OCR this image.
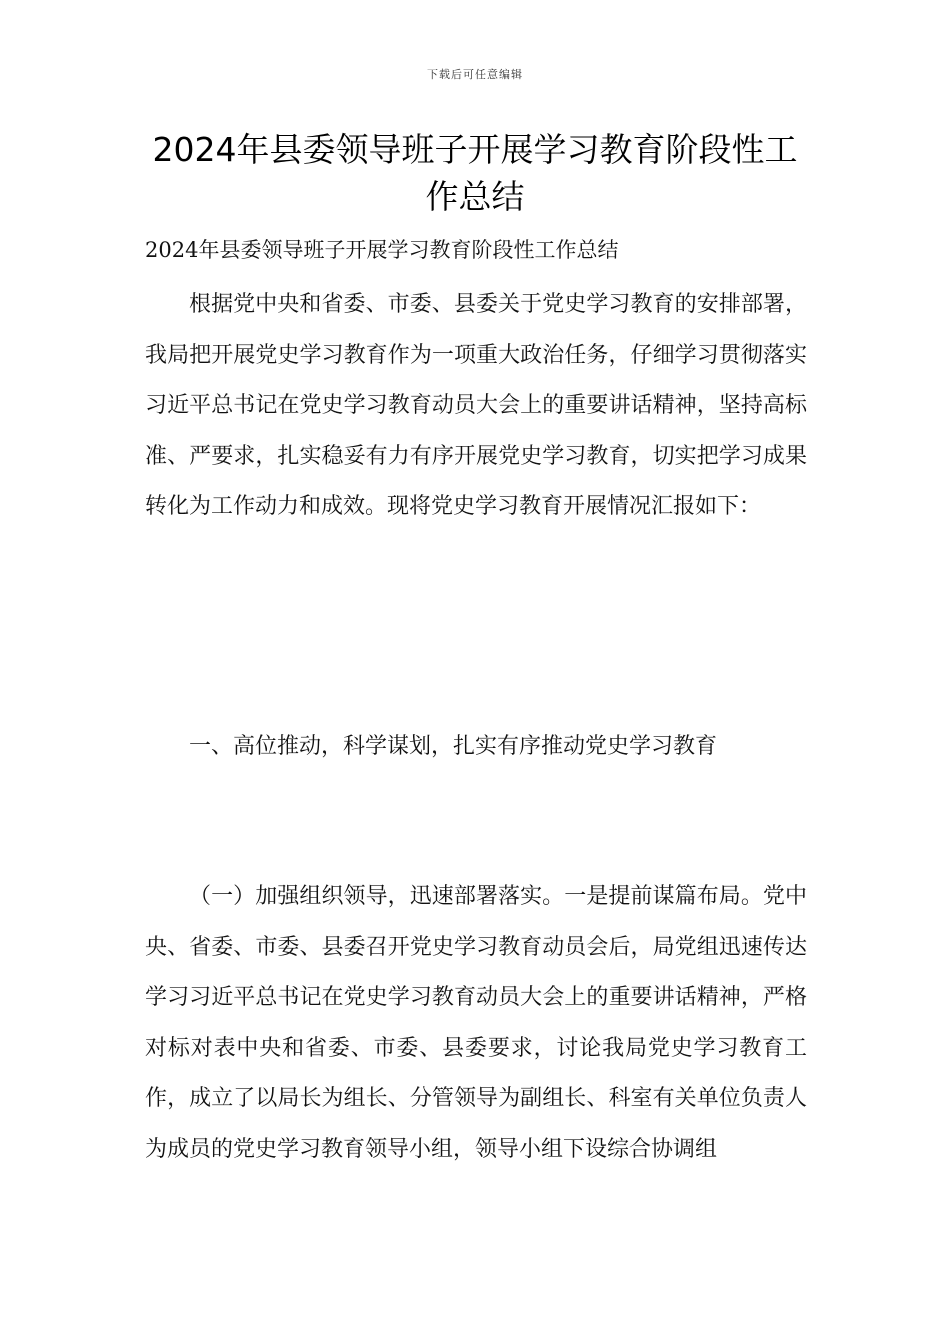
下载后可任意编辑
2024年县委领导班子开展学习教育阶段性工作总结
2024年县委领导班子开展学习教育阶段性工作总结

根据党中央和省委、市委、县委关于党史学习教育的安排部署，我局把开展党史学习教育作为一项重大政治任务，仔细学习贯彻落实习近平总书记在党史学习教育动员大会上的重要讲话精神，坚持高标准、严要求，扎实稳妥有力有序开展党史学习教育，切实把学习成果转化为工作动力和成效。现将党史学习教育开展情况汇报如下：

一、高位推动，科学谋划，扎实有序推动党史学习教育

（一）加强组织领导，迅速部署落实。一是提前谋篇布局。党中央、省委、市委、县委召开党史学习教育动员会后，局党组迅速传达学习习近平总书记在党史学习教育动员大会上的重要讲话精神，严格对标对表中央和省委、市委、县委要求，讨论我局党史学习教育工作，成立了以局长为组长、分管领导为副组长、科室有关单位负责人为成员的党史学习教育领导小组，领导小组下设综合协调组
